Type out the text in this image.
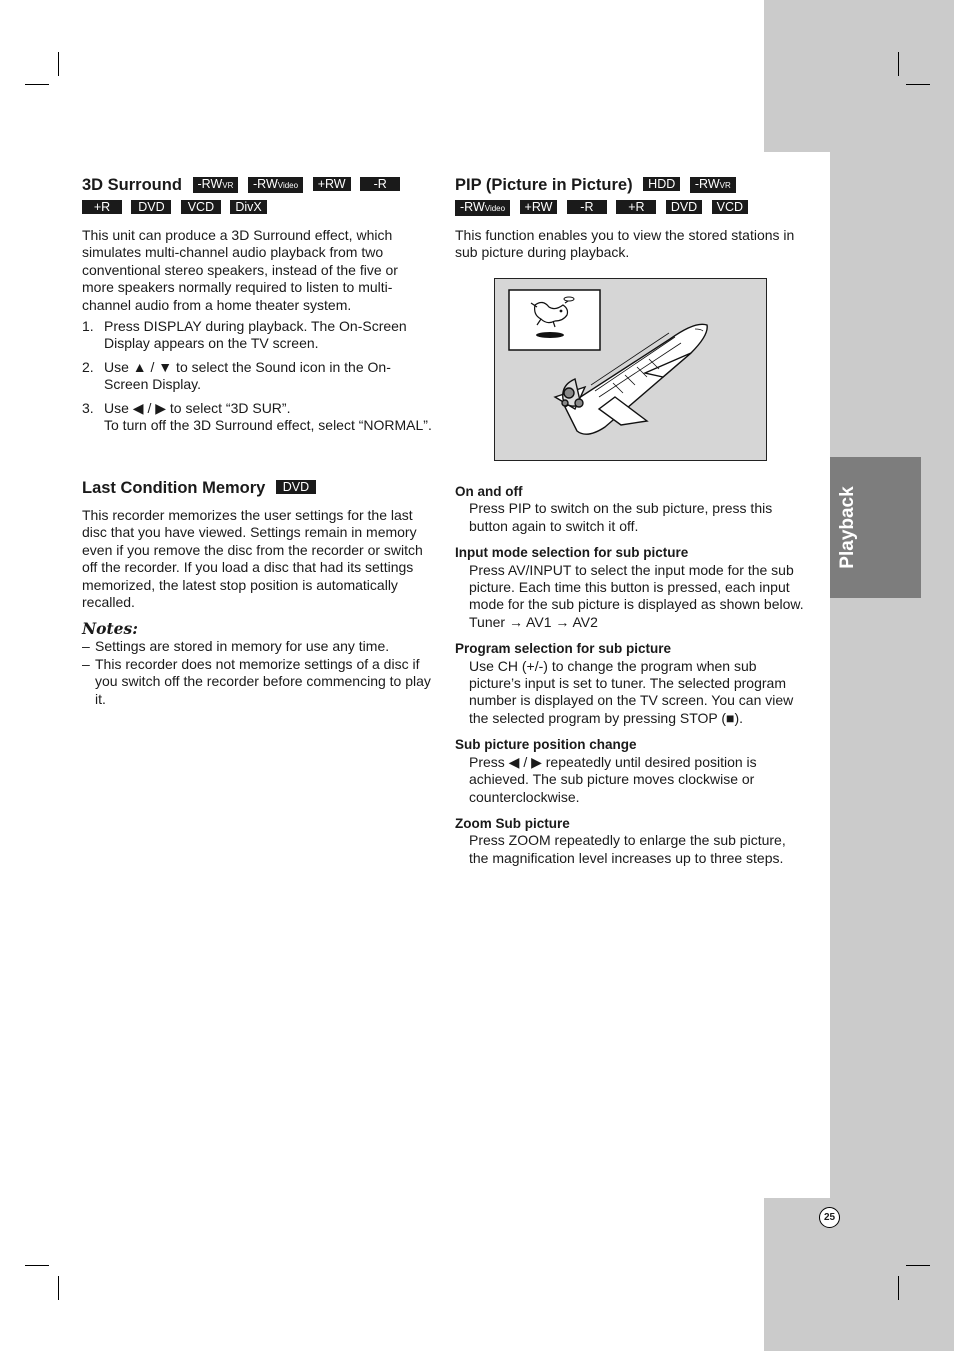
Playback
3D Surround -RWVR -RWVideo +RW -R
+R DVD VCD DivX

This unit can produce a 3D Surround effect, which simulates multi-channel audio playback from two conventional stereo speakers, instead of the five or more speakers normally required to listen to multi-channel audio from a home theater system.

1. Press DISPLAY during playback. The On-Screen Display appears on the TV screen.
2. Use ▲ / ▼ to select the Sound icon in the On-Screen Display.
3. Use ◀ / ▶ to select “3D SUR”.
To turn off the 3D Surround effect, select “NORMAL”.
Last Condition Memory DVD

This recorder memorizes the user settings for the last disc that you have viewed. Settings remain in memory even if you remove the disc from the recorder or switch off the recorder. If you load a disc that had its settings memorized, the latest stop position is automatically recalled.

Notes:
– Settings are stored in memory for use any time.
– This recorder does not memorize settings of a disc if you switch off the recorder before commencing to play it.
PIP (Picture in Picture) HDD -RWVR
-RWVideo +RW -R	+R DVD VCD

This function enables you to view the stored stations in sub picture during playback.

On and off

Press PIP to switch on the sub picture, press this button again to switch it off.

Input mode selection for sub picture

Press AV/INPUT to select the input mode for the sub picture. Each time this button is pressed, each input mode for the sub picture is displayed as shown below.

Tuner → AV1 → AV2

Program selection for sub picture

Use CH (+/-) to change the program when sub picture’s input is set to tuner. The selected program number is displayed on the TV screen. You can view the selected program by pressing STOP (■).

Sub picture position change

Press ◀ / ▶ repeatedly until desired position is achieved. The sub picture moves clockwise or counterclockwise.

Zoom Sub picture

Press ZOOM repeatedly to enlarge the sub picture, the magnification level increases up to three steps.

25
